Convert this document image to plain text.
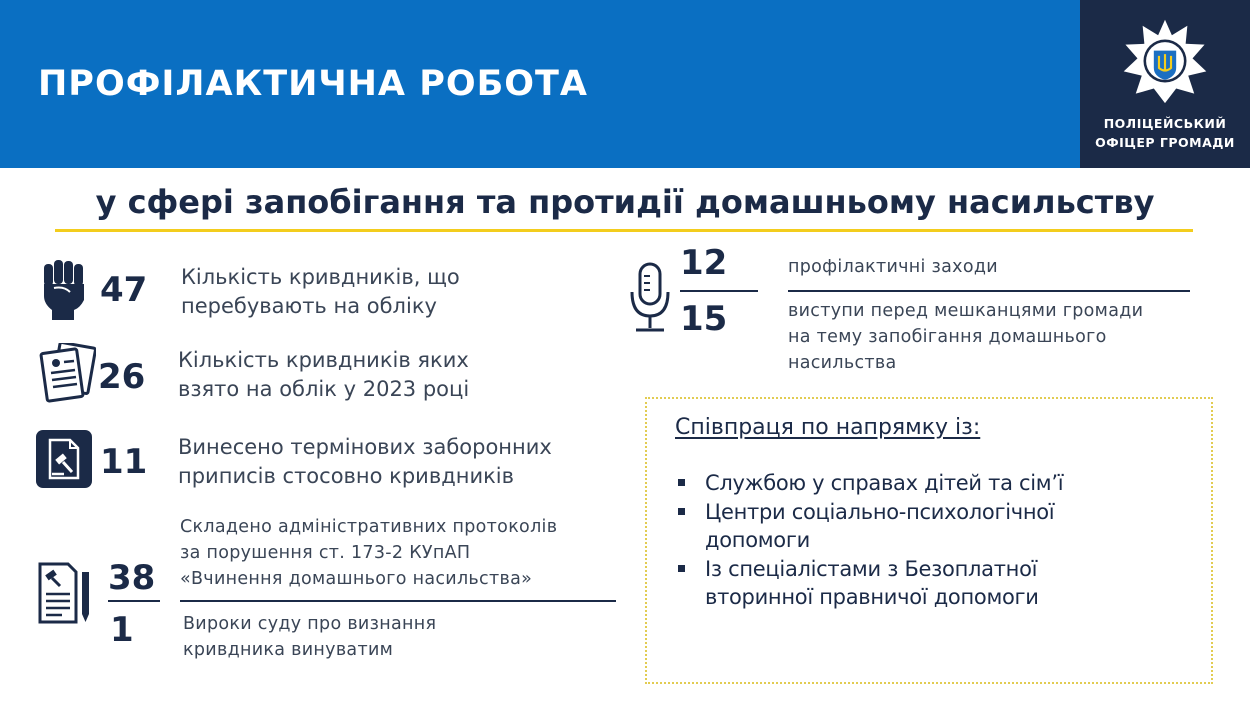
ПРОФІЛАКТИЧНА РОБОТА
ПОЛІЦЕЙСЬКИЙ
ОФІЦЕР ГРОМАДИ
у сфері запобігання та протидії домашньому насильству
47 Кількість кривдників, що
перебувають на обліку
26 Кількість кривдників яких
взято на облік у 2023 році
11 Винесено термінових заборонних
приписів стосовно кривдників
38
1
Складено адміністративних протоколів
за порушення ст. 173-2 КУпАП
«Вчинення домашнього насильства»
Вироки суду про визнання
кривдника винуватим
12
15
профілактичні заходи
виступи перед мешканцями громади
на тему запобігання домашнього
насильства
Співпраця по напрямку із:
Службою у справах дітей та сім’ї
Центри соціально-психологічної
допомоги
Із спеціалістами з Безоплатної
вторинної правничої допомоги
